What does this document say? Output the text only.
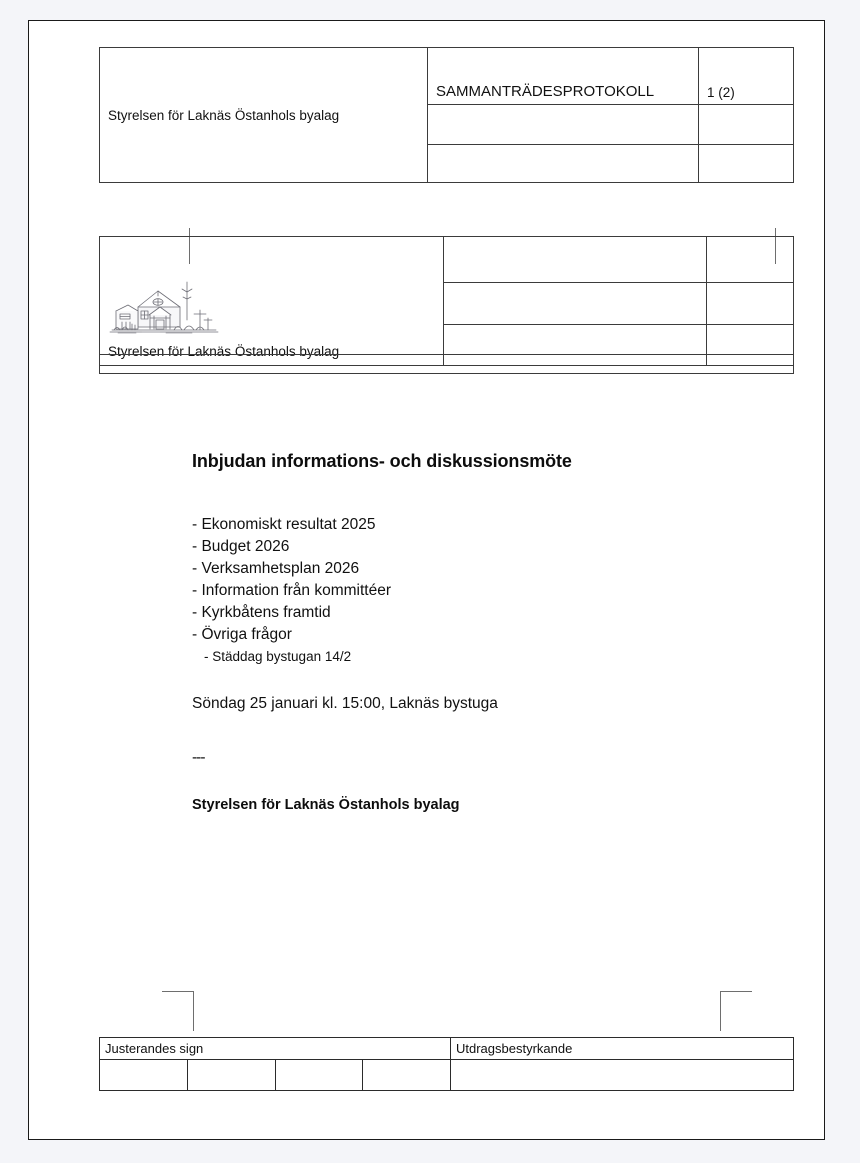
Styrelsen för Laknäs Östanhols byalag	SAMMANTRÄDESPROTOKOLL	1 (2)

Styrelsen för Laknäs Östanhols byalag		

Inbjudan informations- och diskussionsmöte
- Ekonomiskt resultat 2025
- Budget 2026
- Verksamhetsplan 2026
- Information från kommittéer
- Kyrkbåtens framtid
- Övriga frågor
- Städdag bystugan 14/2
Söndag 25 januari kl. 15:00, Laknäs bystuga
---
Styrelsen för Laknäs Östanhols byalag
Justerandes sign				Utdragsbestyrkande
